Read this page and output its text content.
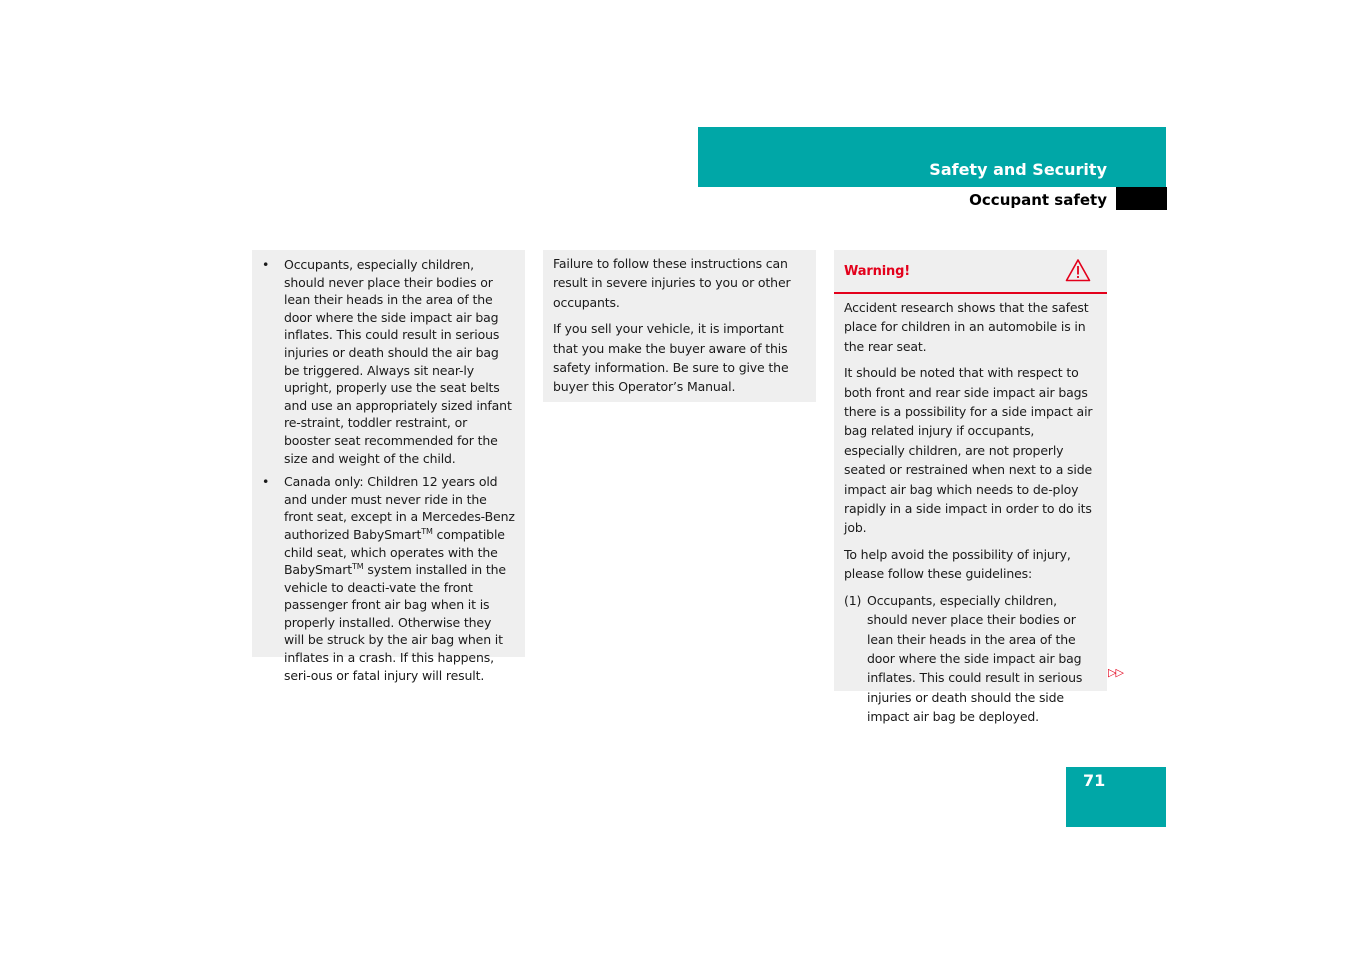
Safety and Security
Occupant safety
•	Occupants, especially children, should never place their bodies or lean their heads in the area of the door where the side impact air bag inflates. This could result in serious injuries or death should the air bag be triggered. Always sit near-ly upright, properly use the seat belts and use an appropriately sized infant re-straint, toddler restraint, or booster seat recommended for the size and weight of the child.
•	Canada only: Children 12 years old and under must never ride in the front seat, except in a Mercedes-Benz authorized BabySmart™ compatible child seat, which operates with the BabySmart™ system installed in the vehicle to deacti-vate the front passenger front air bag when it is properly installed. Otherwise they will be struck by the air bag when it inflates in a crash. If this happens, seri-ous or fatal injury will result.

Failure to follow these instructions can result in severe injuries to you or other occupants.

If you sell your vehicle, it is important that you make the buyer aware of this safety information. Be sure to give the buyer this Operator’s Manual.

Warning!

Accident research shows that the safest place for children in an automobile is in the rear seat.

It should be noted that with respect to both front and rear side impact air bags there is a possibility for a side impact air bag related injury if occupants, especially children, are not properly seated or restrained when next to a side impact air bag which needs to de-ploy rapidly in a side impact in order to do its job.

To help avoid the possibility of injury, please follow these guidelines:

(1) Occupants, especially children, should never place their bodies or lean their heads in the area of the door where the side impact air bag inflates. This could result in serious injuries or death should the side impact air bag be deployed.
▷▷
71
